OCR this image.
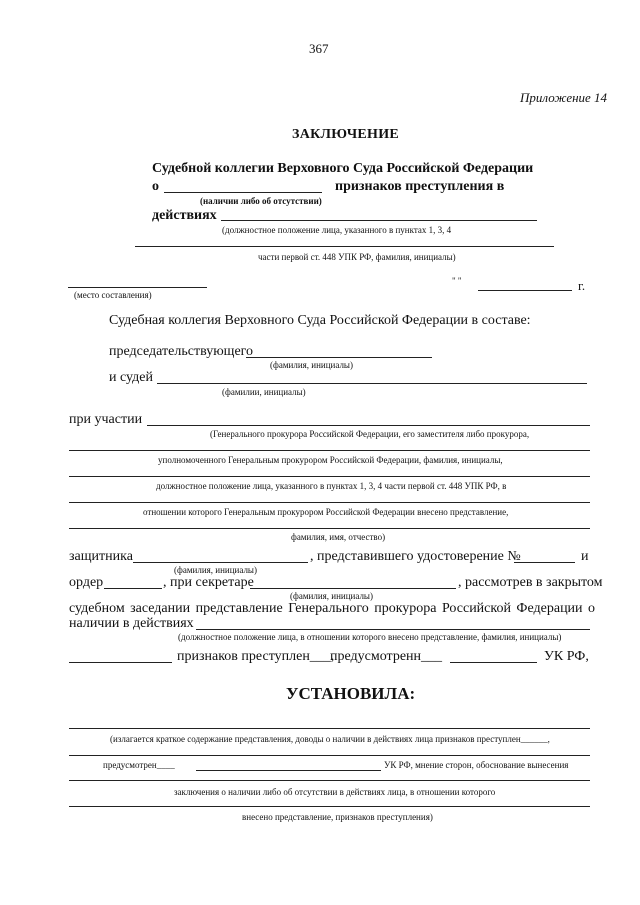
367
Приложение 14
ЗАКЛЮЧЕНИЕ
Судебной коллегии Верховного Суда Российской Федерации
о	признаков преступления в
(наличии либо об отсутствии)
действиях
(должностное положение лица, указанного в пунктах 1, 3, 4
части первой ст. 448 УПК РФ, фамилия, инициалы)
(место составления)
" "	г.
Судебная коллегия Верховного Суда Российской Федерации в составе:
председательствующего
(фамилия, инициалы)
и судей
(фамилии, инициалы)
при участии
(Генерального прокурора Российской Федерации, его заместителя либо прокурора,
уполномоченного Генеральным прокурором Российской Федерации, фамилия, инициалы,
должностное положение лица, указанного в пунктах 1, 3, 4 части первой ст. 448 УПК РФ, в
отношении которого Генеральным прокурором Российской Федерации внесено представление,
фамилия, имя, отчество)
защитника	, представившего удостоверение №	и
(фамилия, инициалы)
ордер	, при секретаре	, рассмотрев в закрытом
(фамилия, инициалы)
судебном заседании представление Генерального прокурора Российской Федерации о
наличии в действиях
(должностное положение лица, в отношении которого внесено представление, фамилия, инициалы)
признаков преступлен___,
предусмотренн___	УК РФ,
УСТАНОВИЛА:
(излагается краткое содержание представления, доводы о наличии в действиях лица признаков преступлен______,
предусмотрен____	УК РФ, мнение сторон, обоснование вынесения
заключения о наличии либо об отсутствии в действиях лица, в отношении которого
внесено представление, признаков преступления)
